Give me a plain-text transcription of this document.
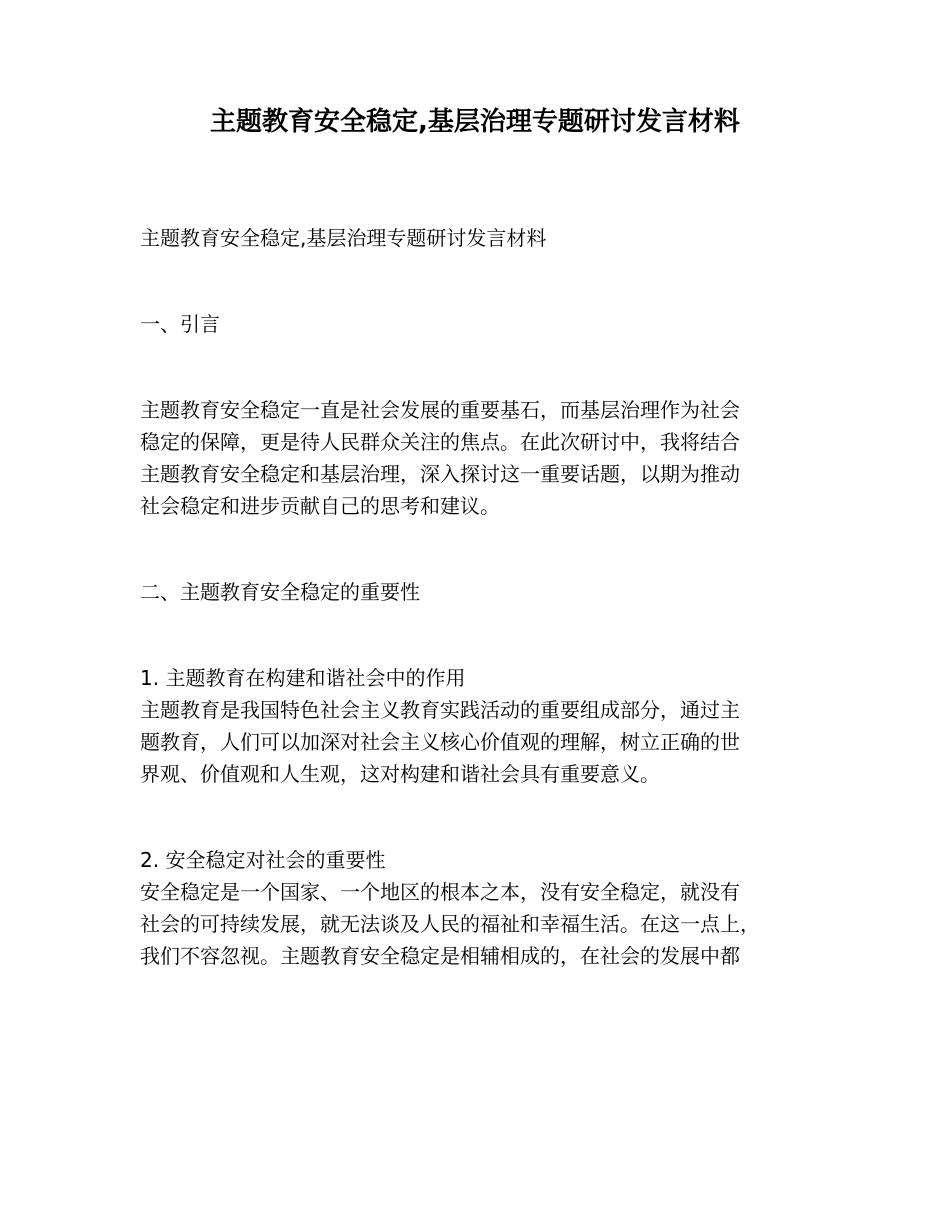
主题教育安全稳定,基层治理专题研讨发言材料
主题教育安全稳定,基层治理专题研讨发言材料
一、引言
主题教育安全稳定一直是社会发展的重要基石，而基层治理作为社会
稳定的保障，更是待人民群众关注的焦点。在此次研讨中，我将结合
主题教育安全稳定和基层治理，深入探讨这一重要话题，以期为推动
社会稳定和进步贡献自己的思考和建议。
二、主题教育安全稳定的重要性
1. 主题教育在构建和谐社会中的作用
主题教育是我国特色社会主义教育实践活动的重要组成部分，通过主
题教育，人们可以加深对社会主义核心价值观的理解，树立正确的世
界观、价值观和人生观，这对构建和谐社会具有重要意义。
2. 安全稳定对社会的重要性
安全稳定是一个国家、一个地区的根本之本，没有安全稳定，就没有
社会的可持续发展，就无法谈及人民的福祉和幸福生活。在这一点上，
我们不容忽视。主题教育安全稳定是相辅相成的，在社会的发展中都
